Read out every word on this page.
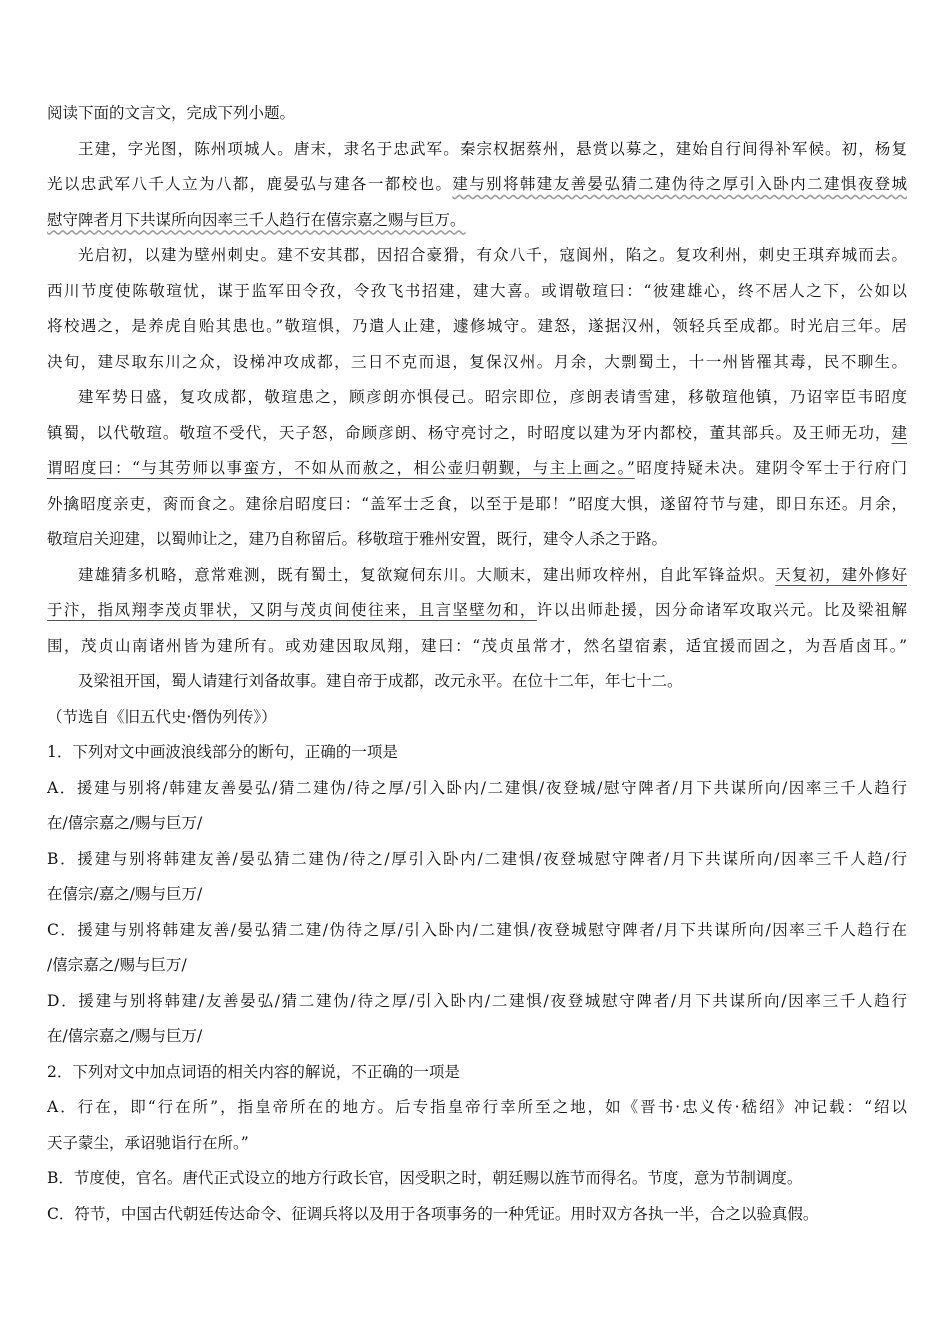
阅读下面的文言文，完成下列小题。
王建，字光图，陈州项城人。唐末，隶名于忠武军。秦宗权据蔡州，悬赏以募之，建始自行间得补军候。初，杨复
光以忠武军八千人立为八都，鹿晏弘与建各一都校也。建与别将韩建友善晏弘猜二建伪待之厚引入卧内二建惧夜登城
慰守陴者月下共谋所向因率三千人趋行在僖宗嘉之赐与巨万。
光启初，以建为壁州刺史。建不安其郡，因招合豪猾，有众八千，寇阆州，陷之。复攻利州，刺史王琪弃城而去。
西川节度使陈敬瑄忧，谋于监军田令孜，令孜飞书招建，建大喜。或谓敬瑄曰：“彼建雄心，终不居人之下，公如以
将校遇之，是养虎自贻其患也。”敬瑄惧，乃遣人止建，遽修城守。建怒，遂据汉州，领轻兵至成都。时光启三年。居
决旬，建尽取东川之众，设梯冲攻成都，三日不克而退，复保汉州。月余，大剽蜀土，十一州皆罹其毒，民不聊生。
建军势日盛，复攻成都，敬瑄患之，顾彦朗亦惧侵己。昭宗即位，彦朗表请雪建，移敬瑄他镇，乃诏宰臣韦昭度
镇蜀，以代敬瑄。敬瑄不受代，天子怒，命顾彦朗、杨守亮讨之，时昭度以建为牙内都校，董其部兵。及王师无功，建
谓昭度曰：“与其劳师以事蛮方，不如从而赦之，相公壶归朝觐，与主上画之。”昭度持疑未决。建阴令军士于行府门
外擒昭度亲吏，脔而食之。建徐启昭度曰：“盖军士乏食，以至于是耶！”昭度大惧，遂留符节与建，即日东还。月余，
敬瑄启关迎建，以蜀帅让之，建乃自称留后。移敬瑄于雅州安置，既行，建令人杀之于路。
建雄猜多机略，意常难测，既有蜀土，复欲窥伺东川。大顺末，建出师攻梓州，自此军锋益炽。天复初，建外修好
于汴，指凤翔李茂贞罪状，又阴与茂贞间使往来，且言坚壁勿和，许以出师赴援，因分命诸军攻取兴元。比及梁祖解
围，茂贞山南诸州皆为建所有。或劝建因取凤翔，建曰：“茂贞虽常才，然名望宿素，适宜援而固之，为吾盾卤耳。”
及梁祖开国，蜀人请建行刘备故事。建自帝于成都，改元永平。在位十二年，年七十二。
（节选自《旧五代史·僭伪列传》）
1．下列对文中画波浪线部分的断句，正确的一项是
A．援建与别将/韩建友善晏弘/猜二建伪/待之厚/引入卧内/二建惧/夜登城/慰守陴者/月下共谋所向/因率三千人趋行
在/僖宗嘉之/赐与巨万/
B．援建与别将韩建友善/晏弘猜二建伪/待之/厚引入卧内/二建惧/夜登城慰守陴者/月下共谋所向/因率三千人趋/行
在僖宗/嘉之/赐与巨万/
C．援建与别将韩建友善/晏弘猜二建/伪待之厚/引入卧内/二建惧/夜登城慰守陴者/月下共谋所向/因率三千人趋行在
/僖宗嘉之/赐与巨万/
D．援建与别将韩建/友善晏弘/猜二建伪/待之厚/引入卧内/二建惧/夜登城慰守陴者/月下共谋所向/因率三千人趋行
在/僖宗嘉之/赐与巨万/
2．下列对文中加点词语的相关内容的解说，不正确的一项是
A．行在，即“行在所”，指皇帝所在的地方。后专指皇帝行幸所至之地，如《晋书·忠义传·嵇绍》冲记载：“绍以
天子蒙尘，承诏驰诣行在所。”
B．节度使，官名。唐代正式设立的地方行政长官，因受职之时，朝廷赐以旌节而得名。节度，意为节制调度。
C．符节，中国古代朝廷传达命令、征调兵将以及用于各项事务的一种凭证。用时双方各执一半，合之以验真假。
